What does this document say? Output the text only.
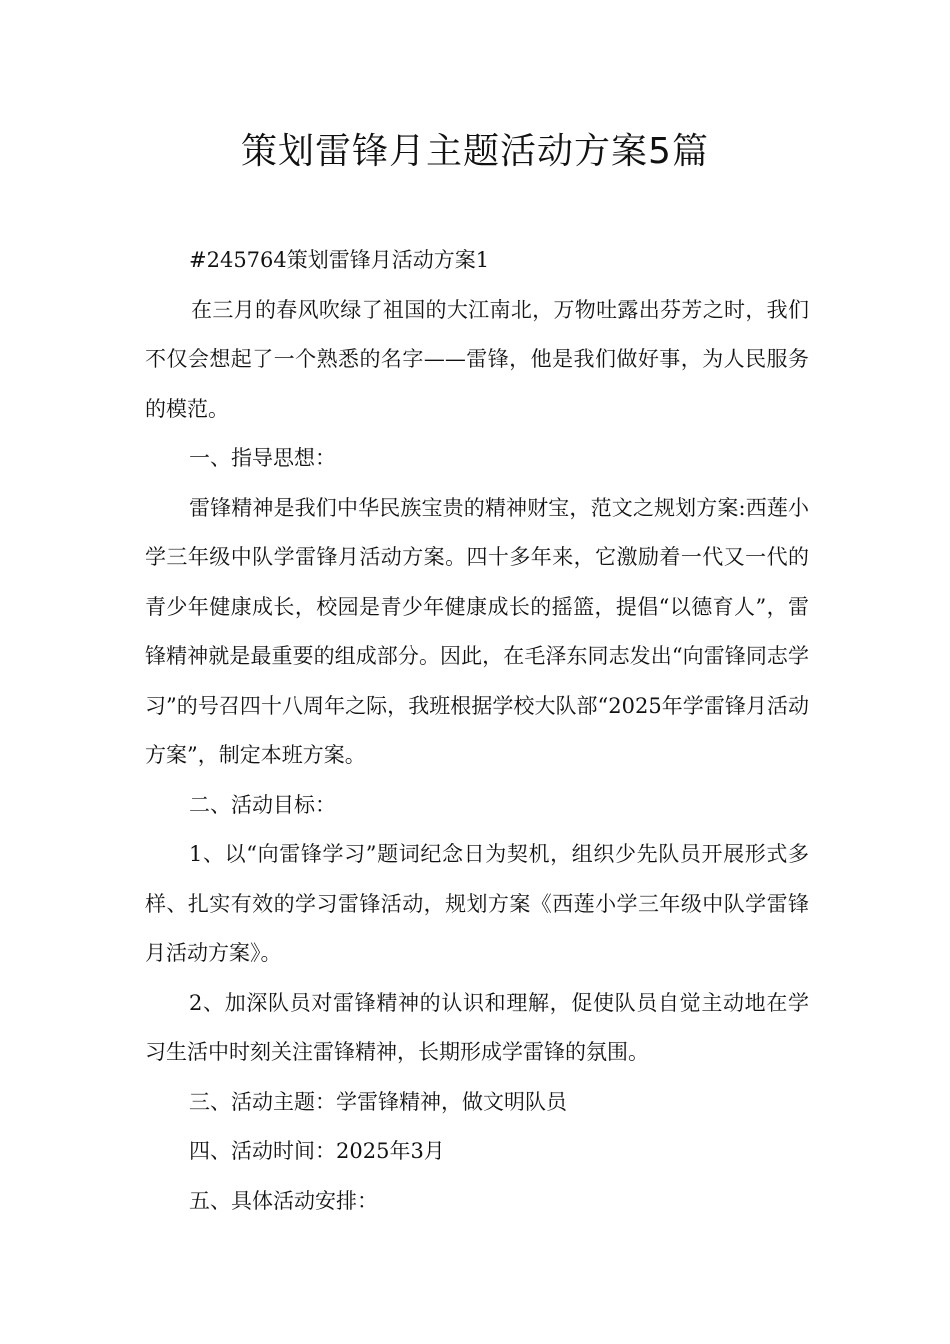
策划雷锋月主题活动方案5篇

#245764策划雷锋月活动方案1

在三月的春风吹绿了祖国的大江南北，万物吐露出芬芳之时，我们不仅会想起了一个熟悉的名字——雷锋，他是我们做好事，为人民服务的模范。

一、指导思想：

雷锋精神是我们中华民族宝贵的精神财宝，范文之规划方案:西莲小学三年级中队学雷锋月活动方案。四十多年来，它激励着一代又一代的青少年健康成长，校园是青少年健康成长的摇篮，提倡“以德育人”，雷锋精神就是最重要的组成部分。因此，在毛泽东同志发出“向雷锋同志学习”的号召四十八周年之际，我班根据学校大队部“2025年学雷锋月活动方案”，制定本班方案。

二、活动目标：

1、以“向雷锋学习”题词纪念日为契机，组织少先队员开展形式多样、扎实有效的学习雷锋活动，规划方案《西莲小学三年级中队学雷锋月活动方案》。

2、加深队员对雷锋精神的认识和理解，促使队员自觉主动地在学习生活中时刻关注雷锋精神，长期形成学雷锋的氛围。

三、活动主题：学雷锋精神，做文明队员

四、活动时间：2025年3月

五、具体活动安排：
